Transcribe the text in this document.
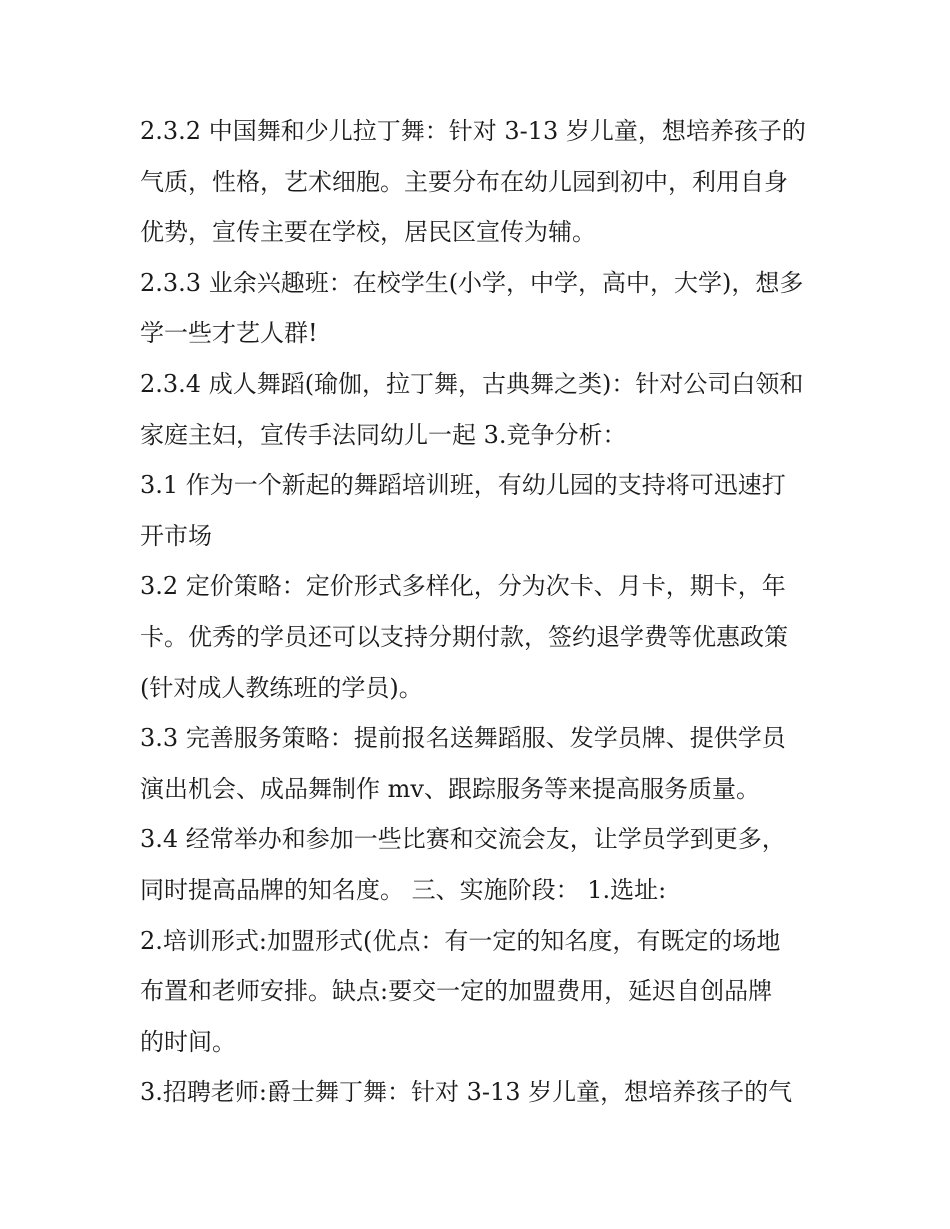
2.3.2 中国舞和少儿拉丁舞：针对 3-13 岁儿童，想培养孩子的
气质，性格，艺术细胞。主要分布在幼儿园到初中，利用自身
优势，宣传主要在学校，居民区宣传为辅。
2.3.3 业余兴趣班：在校学生(小学，中学，高中，大学)，想多
学一些才艺人群!
2.3.4 成人舞蹈(瑜伽，拉丁舞，古典舞之类)：针对公司白领和
家庭主妇，宣传手法同幼儿一起 3.竞争分析：
3.1 作为一个新起的舞蹈培训班，有幼儿园的支持将可迅速打
开市场
3.2 定价策略：定价形式多样化，分为次卡、月卡，期卡，年
卡。优秀的学员还可以支持分期付款，签约退学费等优惠政策
(针对成人教练班的学员)。
3.3 完善服务策略：提前报名送舞蹈服、发学员牌、提供学员
演出机会、成品舞制作 mv、跟踪服务等来提高服务质量。
3.4 经常举办和参加一些比赛和交流会友，让学员学到更多，
同时提高品牌的知名度。 三、实施阶段： 1.选址:
2.培训形式:加盟形式(优点：有一定的知名度，有既定的场地
布置和老师安排。缺点:要交一定的加盟费用，延迟自创品牌
的时间。
3.招聘老师:爵士舞丁舞：针对 3-13 岁儿童，想培养孩子的气
